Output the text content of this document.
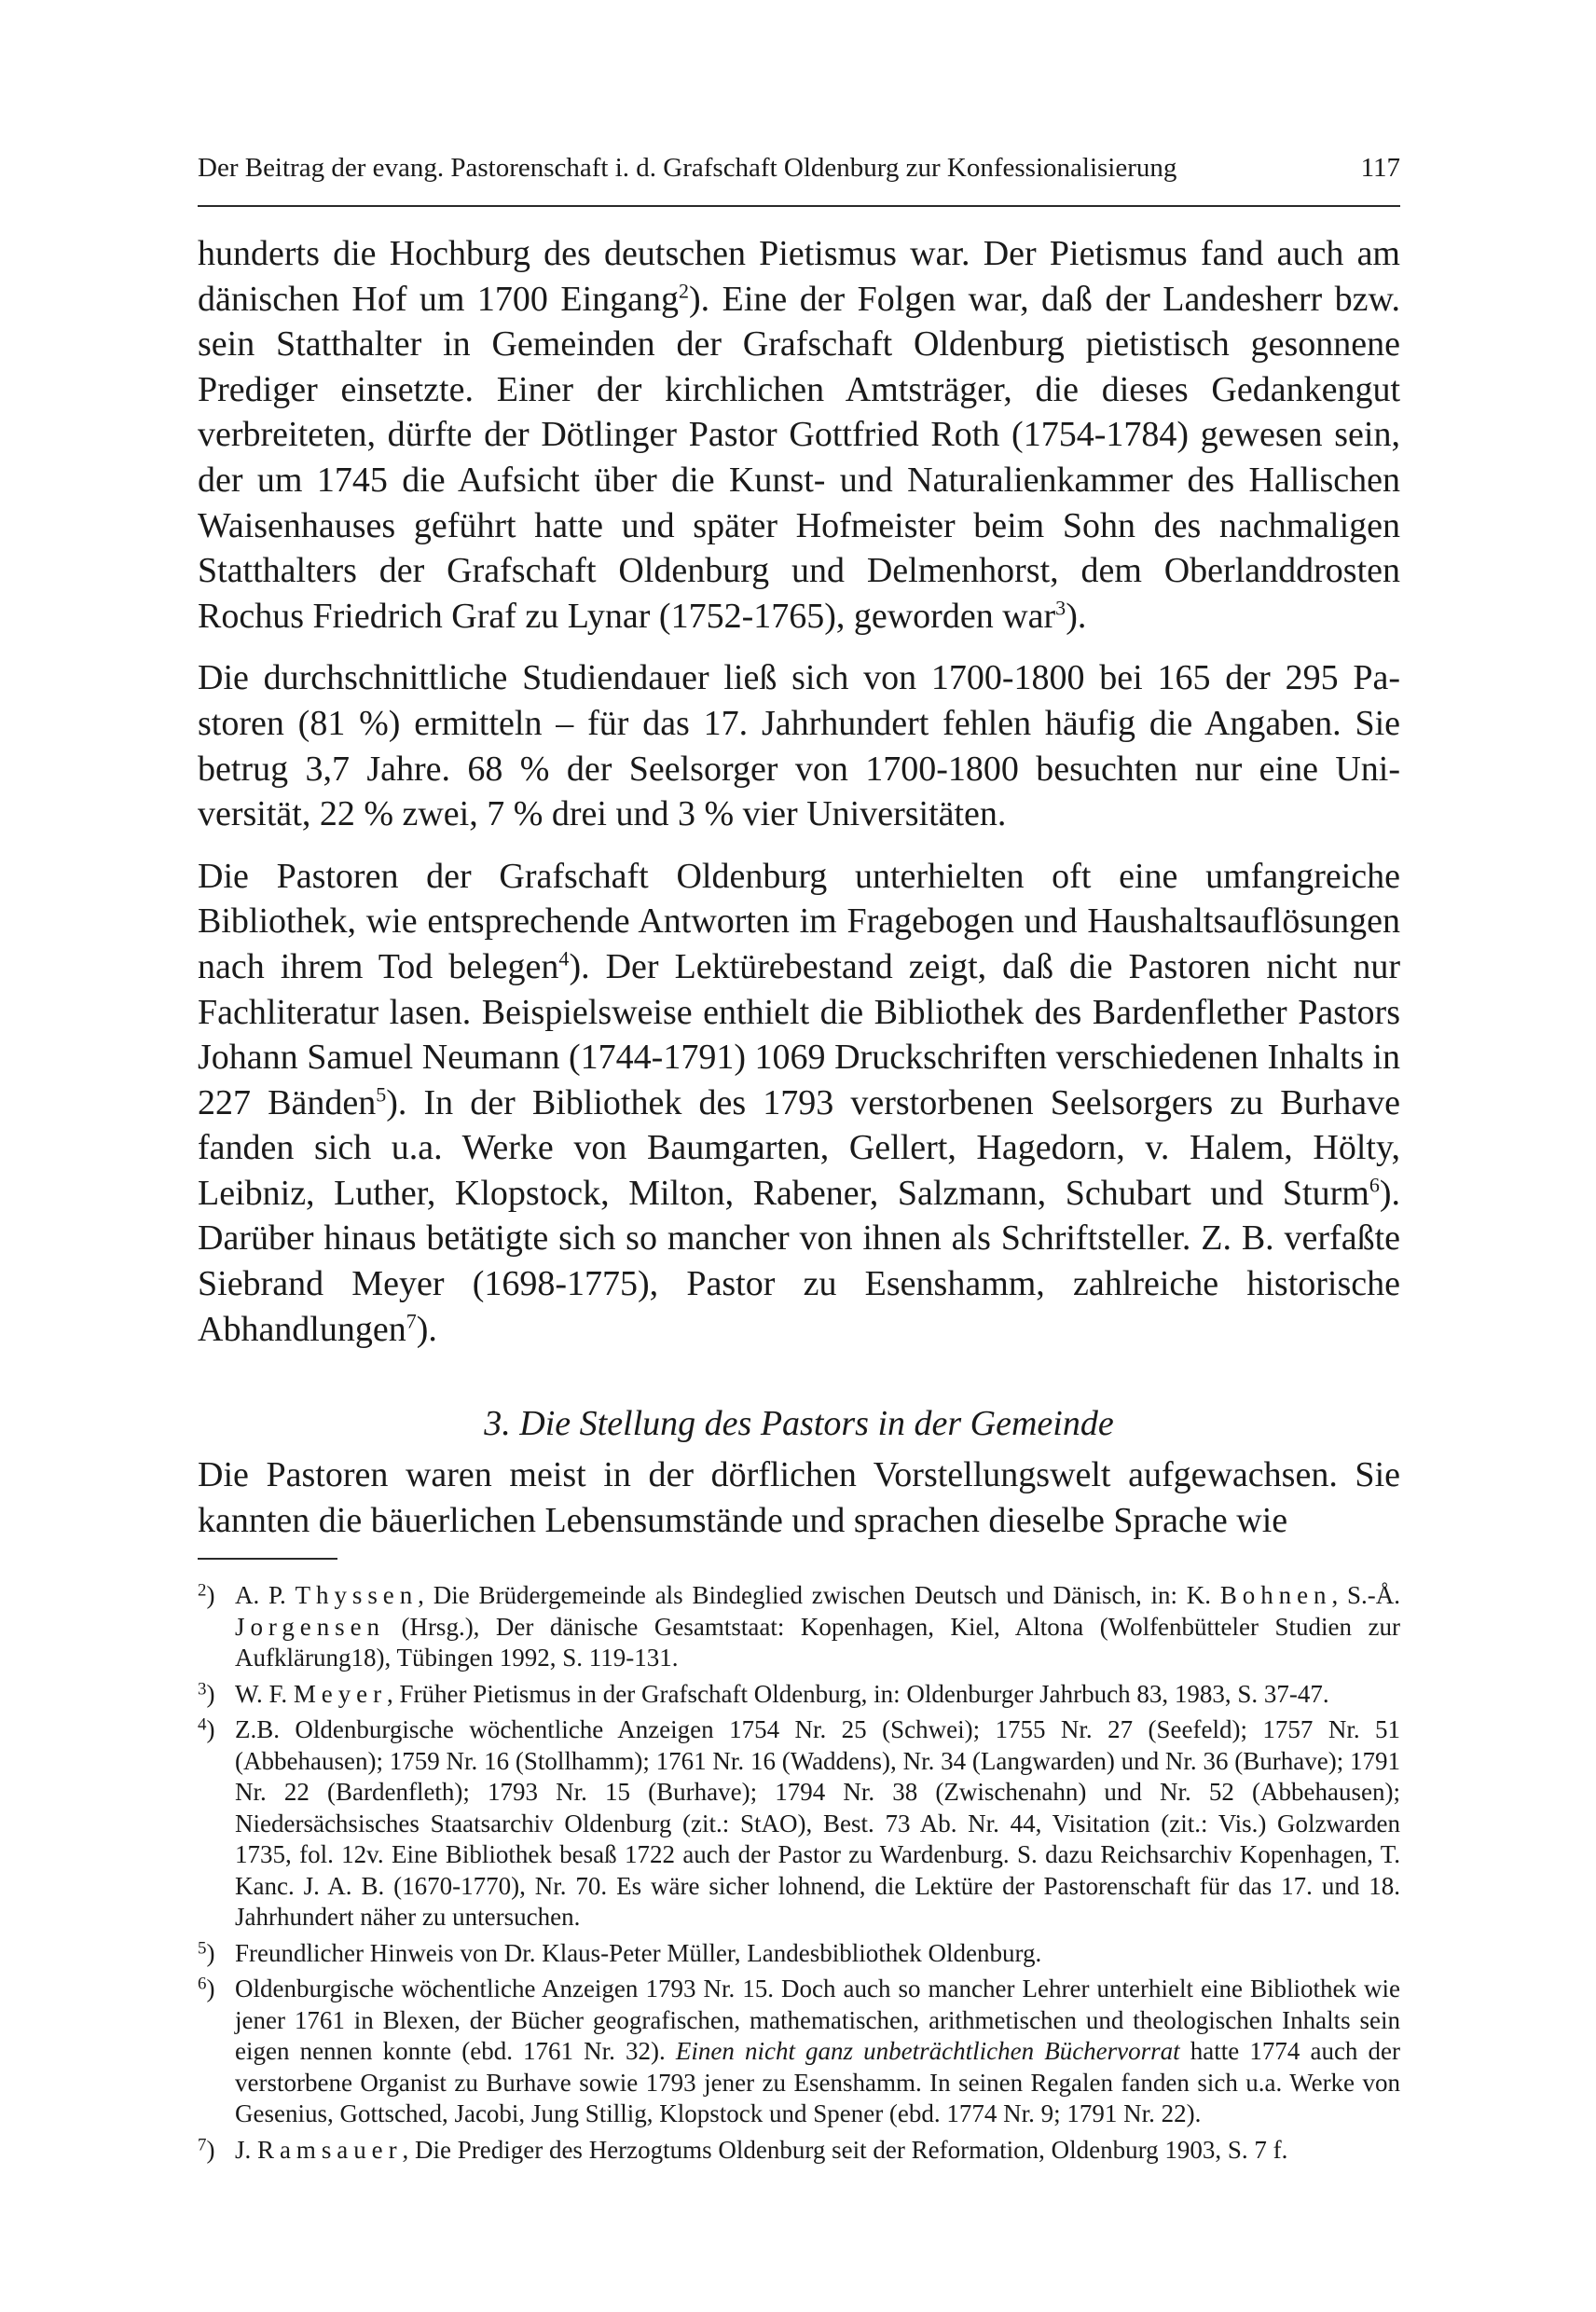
Der Beitrag der evang. Pastorenschaft i. d. Grafschaft Oldenburg zur Konfessionalisierung	117

hunderts die Hochburg des deutschen Pietismus war. Der Pietismus fand auch am dänischen Hof um 1700 Eingang$^2$). Eine der Folgen war, daß der Landesherr bzw. sein Statthalter in Gemeinden der Grafschaft Oldenburg pietistisch gesonnene Prediger einsetzte. Einer der kirchlichen Amtsträger, die dieses Gedankengut verbreiteten, dürfte der Dötlinger Pastor Gottfried Roth (1754-1784) gewesen sein, der um 1745 die Aufsicht über die Kunst- und Naturalienkammer des Hallischen Waisenhauses geführt hatte und später Hofmeister beim Sohn des nachmaligen Statthalters der Grafschaft Oldenburg und Delmenhorst, dem Oberlanddrosten Rochus Friedrich Graf zu Lynar (1752-1765), geworden war$^3$).

Die durchschnittliche Studiendauer ließ sich von 1700-1800 bei 165 der 295 Pastoren (81 %) ermitteln – für das 17. Jahrhundert fehlen häufig die Angaben. Sie betrug 3,7 Jahre. 68 % der Seelsorger von 1700-1800 besuchten nur eine Universität, 22 % zwei, 7 % drei und 3 % vier Universitäten.

Die Pastoren der Grafschaft Oldenburg unterhielten oft eine umfangreiche Bibliothek, wie entsprechende Antworten im Fragebogen und Haushaltsauflösungen nach ihrem Tod belegen$^4$). Der Lektürebestand zeigt, daß die Pastoren nicht nur Fachliteratur lasen. Beispielsweise enthielt die Bibliothek des Bardenflether Pastors Johann Samuel Neumann (1744-1791) 1069 Druckschriften verschiedenen Inhalts in 227 Bänden$^5$). In der Bibliothek des 1793 verstorbenen Seelsorgers zu Burhave fanden sich u.a. Werke von Baumgarten, Gellert, Hagedorn, v. Halem, Hölty, Leibniz, Luther, Klopstock, Milton, Rabener, Salzmann, Schubart und Sturm$^6$). Darüber hinaus betätigte sich so mancher von ihnen als Schriftsteller. Z. B. verfaßte Siebrand Meyer (1698-1775), Pastor zu Esenshamm, zahlreiche historische Abhandlungen$^7$).

3. Die Stellung des Pastors in der Gemeinde

Die Pastoren waren meist in der dörflichen Vorstellungswelt aufgewachsen. Sie kannten die bäuerlichen Lebensumstände und sprachen dieselbe Sprache wie

$^2$) A. P. Thyssen, Die Brüdergemeinde als Bindeglied zwischen Deutsch und Dänisch, in: K. Bohnen, S.-Å. Jorgensen (Hrsg.), Der dänische Gesamtstaat: Kopenhagen, Kiel, Altona (Wolfenbütteler Studien zur Aufklärung18), Tübingen 1992, S. 119-131.
$^3$) W. F. Meyer, Früher Pietismus in der Grafschaft Oldenburg, in: Oldenburger Jahrbuch 83, 1983, S. 37-47.
$^4$) Z.B. Oldenburgische wöchentliche Anzeigen 1754 Nr. 25 (Schwei); 1755 Nr. 27 (Seefeld); 1757 Nr. 51 (Abbehausen); 1759 Nr. 16 (Stollhamm); 1761 Nr. 16 (Waddens), Nr. 34 (Langwarden) und Nr. 36 (Burhave); 1791 Nr. 22 (Bardenfleth); 1793 Nr. 15 (Burhave); 1794 Nr. 38 (Zwischenahn) und Nr. 52 (Abbehausen); Niedersächsisches Staatsarchiv Oldenburg (zit.: StAO), Best. 73 Ab. Nr. 44, Visitation (zit.: Vis.) Golzwarden 1735, fol. 12v. Eine Bibliothek besaß 1722 auch der Pastor zu Wardenburg. S. dazu Reichsarchiv Kopenhagen, T. Kanc. J. A. B. (1670-1770), Nr. 70. Es wäre sicher lohnend, die Lektüre der Pastorenschaft für das 17. und 18. Jahrhundert näher zu untersuchen.
$^5$) Freundlicher Hinweis von Dr. Klaus-Peter Müller, Landesbibliothek Oldenburg.
$^6$) Oldenburgische wöchentliche Anzeigen 1793 Nr. 15. Doch auch so mancher Lehrer unterhielt eine Bibliothek wie jener 1761 in Blexen, der Bücher geografischen, mathematischen, arithmetischen und theologischen Inhalts sein eigen nennen konnte (ebd. 1761 Nr. 32). Einen nicht ganz unbeträchtlichen Büchervorrat hatte 1774 auch der verstorbene Organist zu Burhave sowie 1793 jener zu Esenshamm. In seinen Regalen fanden sich u.a. Werke von Gesenius, Gottsched, Jacobi, Jung Stillig, Klopstock und Spener (ebd. 1774 Nr. 9; 1791 Nr. 22).
$^7$) J. Ramsauer, Die Prediger des Herzogtums Oldenburg seit der Reformation, Oldenburg 1903, S. 7 f.
